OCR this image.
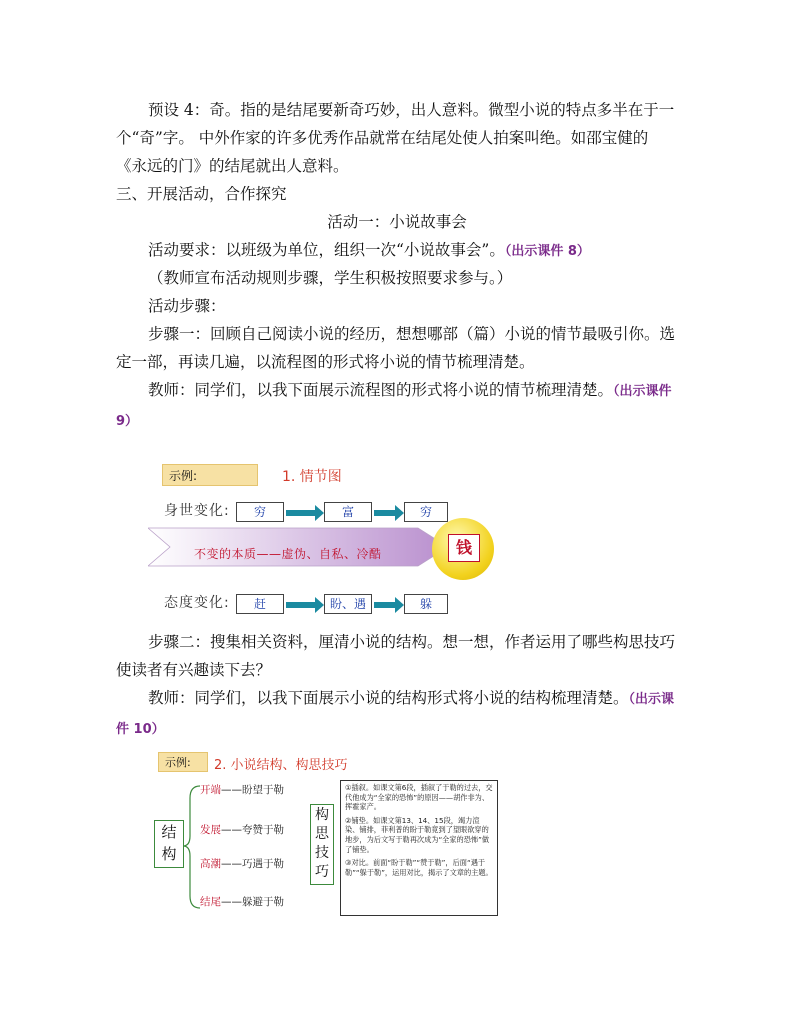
预设 4：奇。指的是结尾要新奇巧妙，出人意料。微型小说的特点多半在于一个“奇”字。 中外作家的许多优秀作品就常在结尾处使人拍案叫绝。如邵宝健的《永远的门》的结尾就出人意料。

三、开展活动，合作探究

活动一：小说故事会

活动要求：以班级为单位，组织一次“小说故事会”。（出示课件 8）

（教师宣布活动规则步骤，学生积极按照要求参与。）

活动步骤：

步骤一：回顾自己阅读小说的经历，想想哪部（篇）小说的情节最吸引你。选定一部，再读几遍，以流程图的形式将小说的情节梳理清楚。

教师：同学们，以我下面展示流程图的形式将小说的情节梳理清楚。（出示课件 9）

示例:	1. 情节图
身世变化:	穷	富	穷
不变的本质——虚伪、自私、冷酷	钱
态度变化:	赶	盼、遇	躲

步骤二：搜集相关资料，厘清小说的结构。想一想，作者运用了哪些构思技巧使读者有兴趣读下去？

教师：同学们，以我下面展示小说的结构形式将小说的结构梳理清楚。（出示课件 10）

示例:	2. 小说结构、构思技巧
结构
开端——盼望于勒
发展——夸赞于勒
高潮——巧遇于勒
结尾——躲避于勒
构思技巧
①插叙。如课文第6段，插叙了于勒的过去，交代他成为“全家的恐怖”的原因——胡作非为、挥霍家产。
②铺垫。如课文第13、14、15段，竭力渲染、铺排，菲利普的盼于勒竟到了望眼欲穿的地步，为后文写于勒再次成为“全家的恐怖”做了铺垫。
③对比。前面“盼于勒”“赞于勒”，后面“遇于勒”“躲于勒”，运用对比，揭示了文章的主题。
